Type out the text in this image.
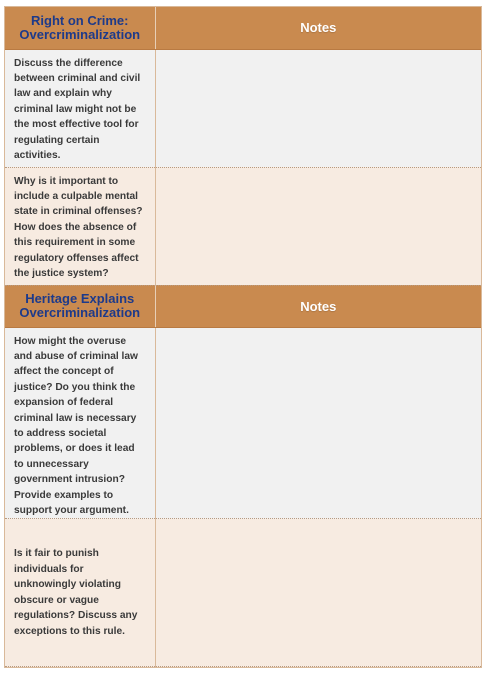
Right on Crime: Overcriminalization	Notes
Discuss the difference between criminal and civil law and explain why criminal law might not be the most effective tool for regulating certain activities.	
Why is it important to include a culpable mental state in criminal offenses? How does the absence of this requirement in some regulatory offenses affect the justice system?	
Heritage Explains Overcriminalization	Notes
How might the overuse and abuse of criminal law affect the concept of justice? Do you think the expansion of federal criminal law is necessary to address societal problems, or does it lead to unnecessary government intrusion? Provide examples to support your argument.	
Is it fair to punish individuals for unknowingly violating obscure or vague regulations? Discuss any exceptions to this rule.	
